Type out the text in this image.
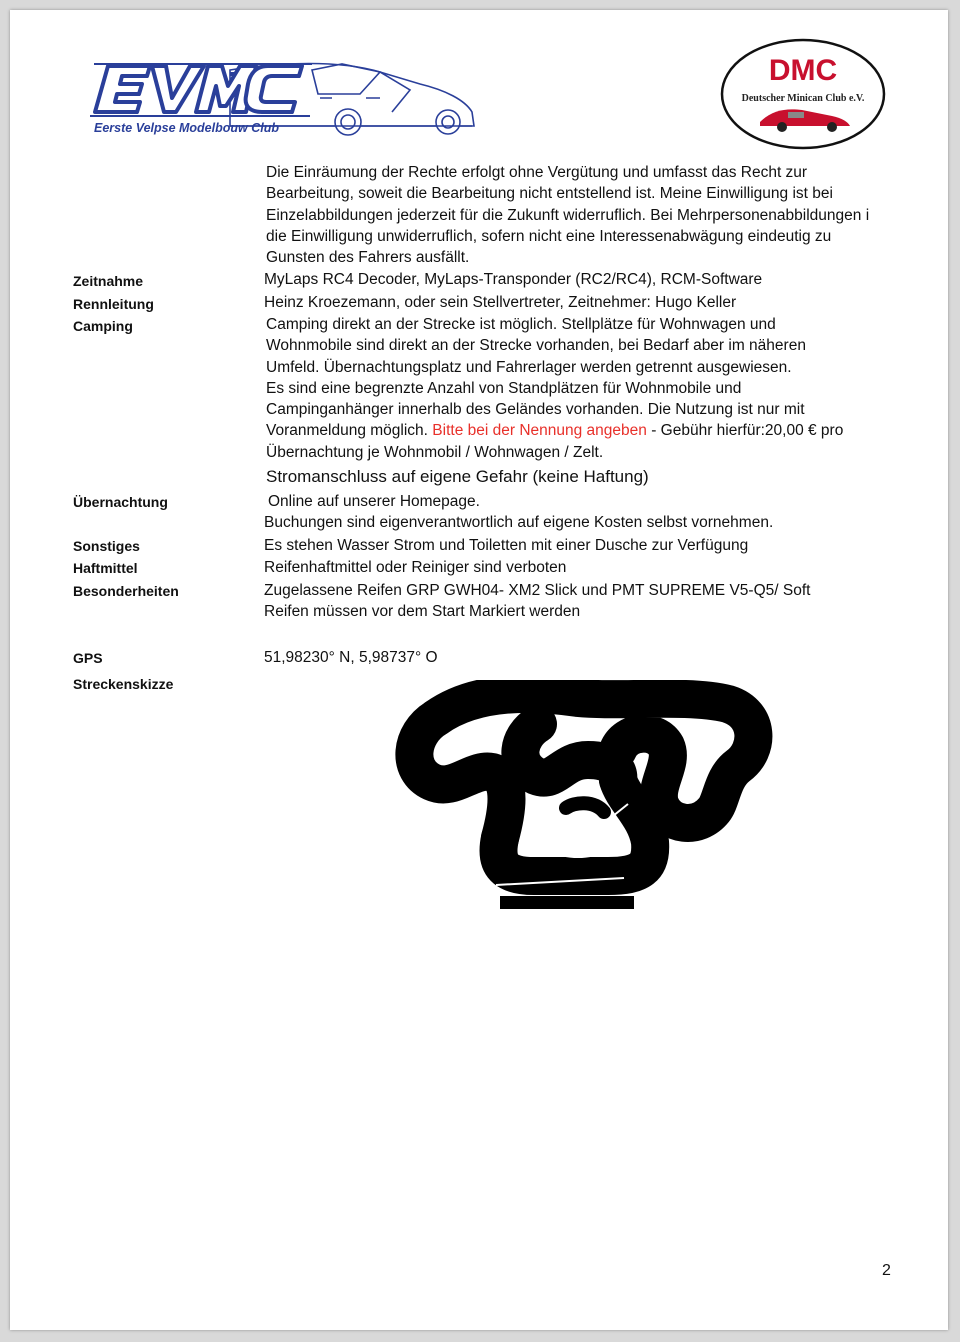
Eerste Velpse Modelbouw Club
DMC
Deutscher Minican Club e.V.
Die Einräumung der Rechte erfolgt ohne Vergütung und umfasst das Recht zur
Bearbeitung, soweit die Bearbeitung nicht entstellend ist. Meine Einwilligung ist bei
Einzelabbildungen jederzeit für die Zukunft widerruflich. Bei Mehrpersonenabbildungen i
die Einwilligung unwiderruflich, sofern nicht eine Interessenabwägung eindeutig zu
Gunsten des Fahrers ausfällt.
Zeitnahme	MyLaps RC4 Decoder, MyLaps-Transponder (RC2/RC4), RCM-Software
Rennleitung	Heinz Kroezemann, oder sein Stellvertreter, Zeitnehmer: Hugo Keller
Camping	Camping direkt an der Strecke ist möglich. Stellplätze für Wohnwagen und
Wohnmobile sind direkt an der Strecke vorhanden, bei Bedarf aber im näheren
Umfeld. Übernachtungsplatz und Fahrerlager werden getrennt ausgewiesen.
Es sind eine begrenzte Anzahl von Standplätzen für Wohnmobile und
Campinganhänger innerhalb des Geländes vorhanden. Die Nutzung ist nur mit
Voranmeldung möglich. Bitte bei der Nennung angeben - Gebühr hierfür:20,00 € pro
Übernachtung je Wohnmobil / Wohnwagen / Zelt.
Stromanschluss auf eigene Gefahr (keine Haftung)
Übernachtung	Online auf unserer Homepage.
Buchungen sind eigenverantwortlich auf eigene Kosten selbst vornehmen.
Sonstiges	Es stehen Wasser Strom und Toiletten mit einer Dusche zur Verfügung
Haftmittel	Reifenhaftmittel oder Reiniger sind verboten
Besonderheiten	Zugelassene Reifen GRP GWH04- XM2 Slick und PMT SUPREME V5-Q5/ Soft
Reifen müssen vor dem Start Markiert werden
GPS	51,98230° N, 5,98737° O
Streckenskizze
2
